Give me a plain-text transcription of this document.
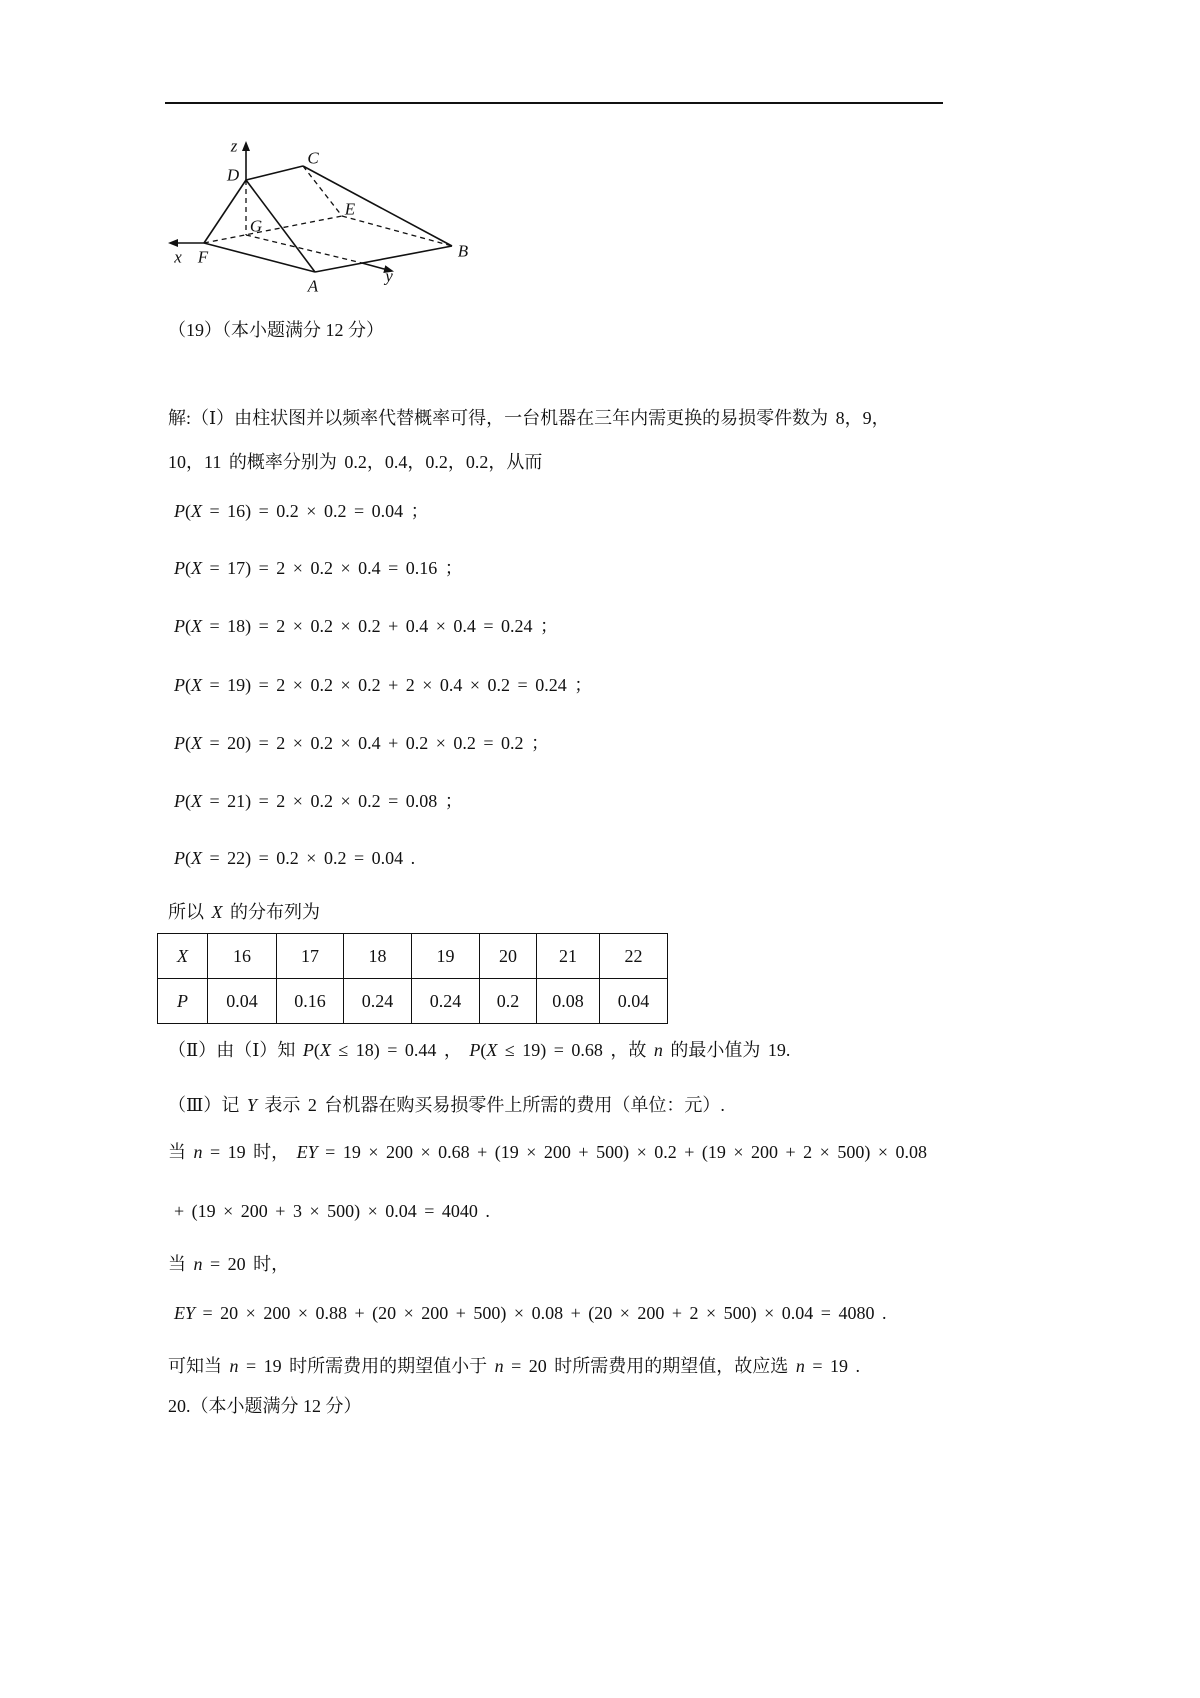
z
D
C
E
G
B
x F
A
y
（19）（本小题满分 12 分）
解:（Ⅰ）由柱状图并以频率代替概率可得，一台机器在三年内需更换的易损零件数为 8，9，
10，11 的概率分别为 0.2，0.4，0.2，0.2，从而
P(X = 16) = 0.2 × 0.2 = 0.04 ；
P(X = 17) = 2 × 0.2 × 0.4 = 0.16 ；
P(X = 18) = 2 × 0.2 × 0.2 + 0.4 × 0.4 = 0.24 ；
P(X = 19) = 2 × 0.2 × 0.2 + 2 × 0.4 × 0.2 = 0.24 ；
P(X = 20) = 2 × 0.2 × 0.4 + 0.2 × 0.2 = 0.2 ；
P(X = 21) = 2 × 0.2 × 0.2 = 0.08 ；
P(X = 22) = 0.2 × 0.2 = 0.04 .
所以 X 的分布列为
X	16	17	18	19	20	21	22
P	0.04	0.16	0.24	0.24	0.2	0.08	0.04
（Ⅱ）由（Ⅰ）知 P(X ≤ 18) = 0.44 ， P(X ≤ 19) = 0.68 ，故 n 的最小值为 19.
（Ⅲ）记 Y 表示 2 台机器在购买易损零件上所需的费用（单位：元）.
当 n = 19 时， EY = 19 × 200 × 0.68 + (19 × 200 + 500) × 0.2 + (19 × 200 + 2 × 500) × 0.08
+ (19 × 200 + 3 × 500) × 0.04 = 4040 .
当 n = 20 时，
EY = 20 × 200 × 0.88 + (20 × 200 + 500) × 0.08 + (20 × 200 + 2 × 500) × 0.04 = 4080 .
可知当 n = 19 时所需费用的期望值小于 n = 20 时所需费用的期望值，故应选 n = 19 .
20.（本小题满分 12 分）
